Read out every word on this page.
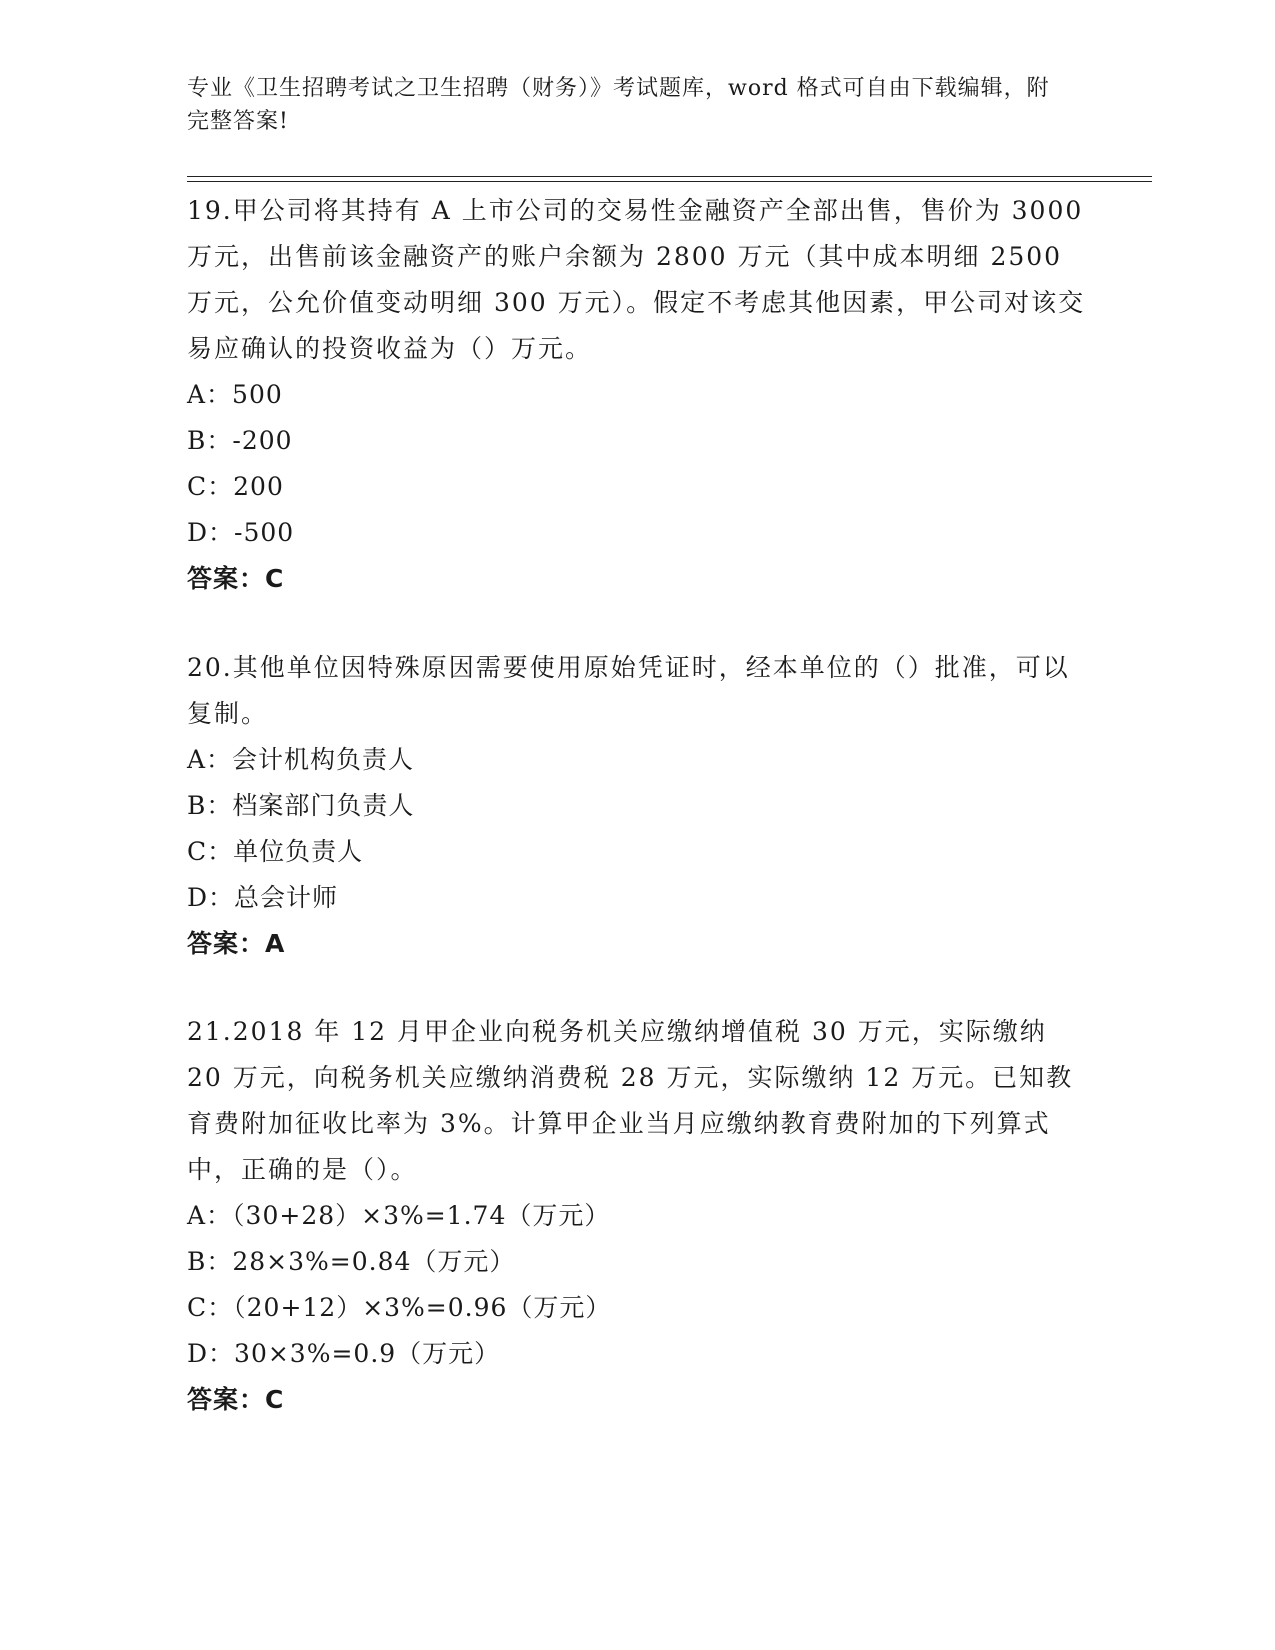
专业《卫生招聘考试之卫生招聘（财务）》考试题库，word 格式可自由下载编辑，附完整答案!

19.甲公司将其持有 A 上市公司的交易性金融资产全部出售，售价为 3000 万元，出售前该金融资产的账户余额为 2800 万元（其中成本明细 2500 万元，公允价值变动明细 300 万元）。假定不考虑其他因素，甲公司对该交易应确认的投资收益为（）万元。

A：500

B：-200

C：200

D：-500

答案：C

20.其他单位因特殊原因需要使用原始凭证时，经本单位的（）批准，可以复制。

A：会计机构负责人

B：档案部门负责人

C：单位负责人

D：总会计师

答案：A

21.2018 年 12 月甲企业向税务机关应缴纳增值税 30 万元，实际缴纳 20 万元，向税务机关应缴纳消费税 28 万元，实际缴纳 12 万元。已知教育费附加征收比率为 3%。计算甲企业当月应缴纳教育费附加的下列算式中，正确的是（）。

A：（30+28）×3%=1.74（万元）

B：28×3%=0.84（万元）

C：（20+12）×3%=0.96（万元）

D：30×3%=0.9（万元）

答案：C
